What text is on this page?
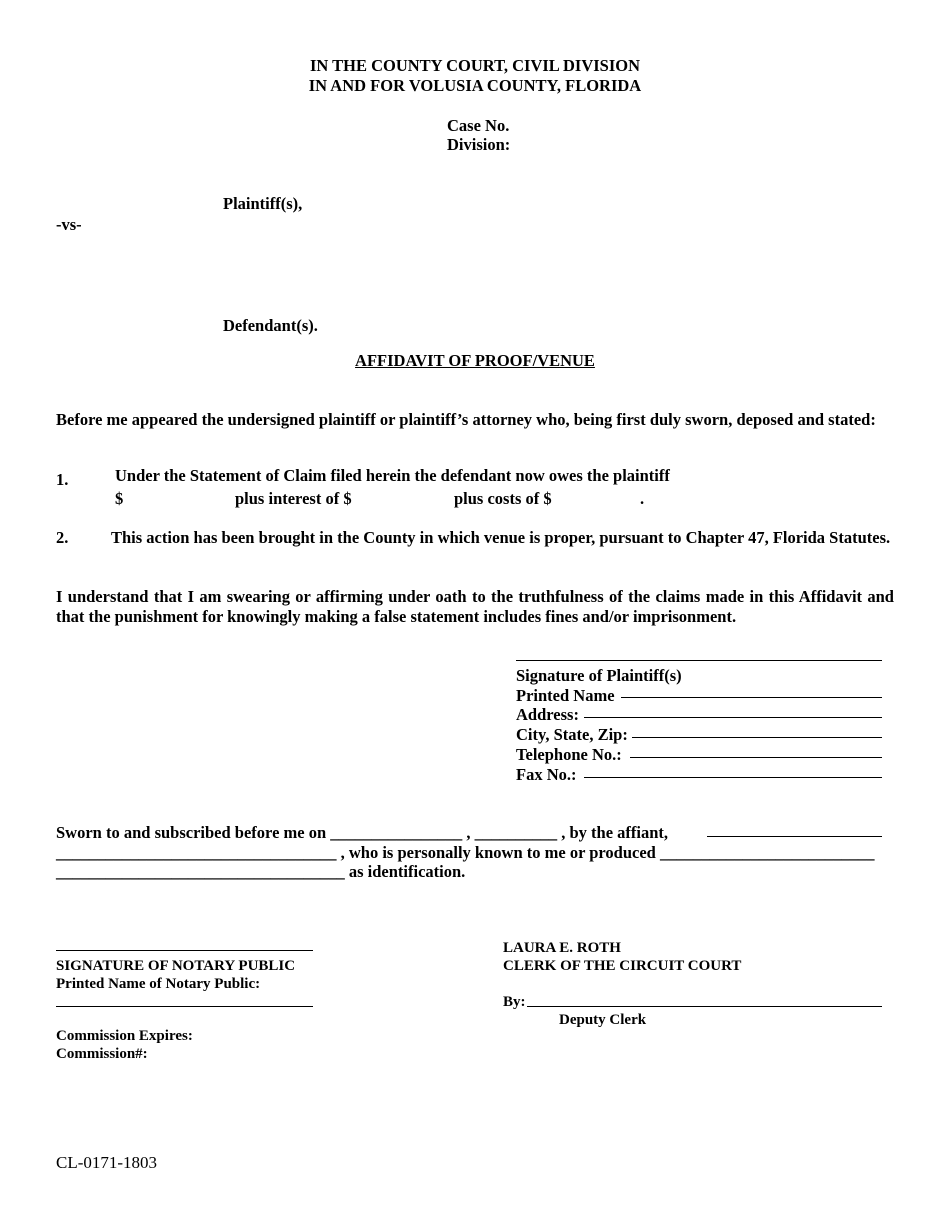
IN THE COUNTY COURT, CIVIL DIVISION
IN AND FOR VOLUSIA COUNTY, FLORIDA
Case No.
Division:
Plaintiff(s),
-vs-
Defendant(s).
AFFIDAVIT OF PROOF/VENUE
Before me appeared the undersigned plaintiff or plaintiff’s attorney who, being first duly sworn, deposed and stated:
1.	Under the Statement of Claim filed herein the defendant now owes the plaintiff
$	plus interest of $	plus costs of $	.
2.	This action has been brought in the County in which venue is proper, pursuant to Chapter 47, Florida Statutes.
I understand that I am swearing or affirming under oath to the truthfulness of the claims made in this Affidavit and that the punishment for knowingly making a false statement includes fines and/or imprisonment.
Signature of Plaintiff(s)
Printed Name
Address:
City, State, Zip:
Telephone No.:
Fax No.:
Sworn to and subscribed before me on ________________ , __________ , by the affiant,
__________________________________ , who is personally known to me or produced __________________________
___________________________________ as identification.
SIGNATURE OF NOTARY PUBLIC
Printed Name of Notary Public:
Commission Expires:
Commission#:
LAURA E. ROTH
CLERK OF THE CIRCUIT COURT
By:
Deputy Clerk
CL-0171-1803
